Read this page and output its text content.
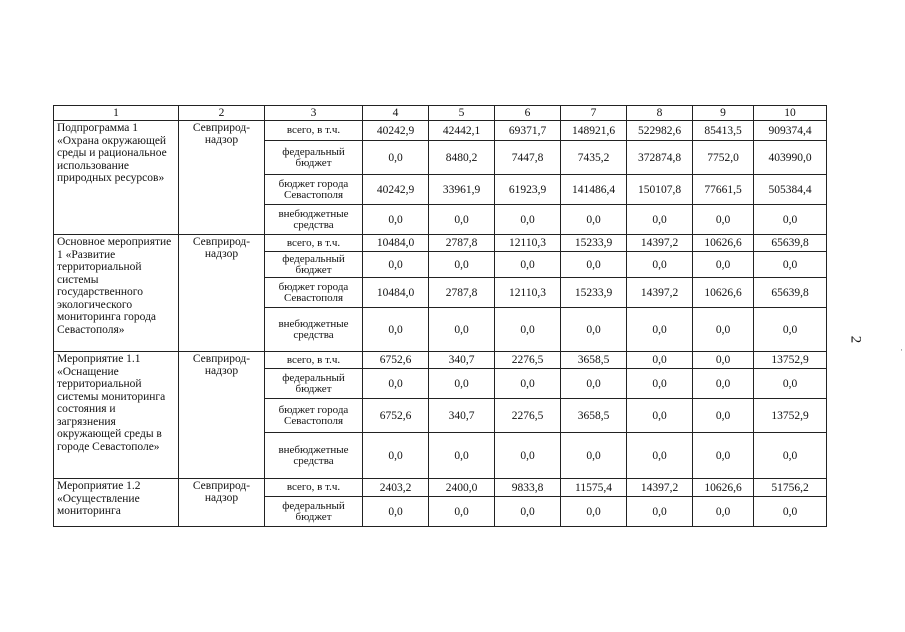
1	2	3	4	5	6	7	8	9	10
Подпрограмма 1 «Охрана окружающей среды и рациональное использование природных ресурсов»	Севприрод-надзор	всего, в т.ч.	40242,9	42442,1	69371,7	148921,6	522982,6	85413,5	909374,4
		федеральный бюджет	0,0	8480,2	7447,8	7435,2	372874,8	7752,0	403990,0
		бюджет города Севастополя	40242,9	33961,9	61923,9	141486,4	150107,8	77661,5	505384,4
		внебюджетные средства	0,0	0,0	0,0	0,0	0,0	0,0	0,0
Основное мероприятие 1 «Развитие территориальной системы государственного экологического мониторинга города Севастополя»	Севприрод-надзор	всего, в т.ч.	10484,0	2787,8	12110,3	15233,9	14397,2	10626,6	65639,8
		федеральный бюджет	0,0	0,0	0,0	0,0	0,0	0,0	0,0
		бюджет города Севастополя	10484,0	2787,8	12110,3	15233,9	14397,2	10626,6	65639,8
		внебюджетные средства	0,0	0,0	0,0	0,0	0,0	0,0	0,0
Мероприятие 1.1 «Оснащение территориальной системы мониторинга состояния и загрязнения окружающей среды в городе Севастополе»	Севприрод-надзор	всего, в т.ч.	6752,6	340,7	2276,5	3658,5	0,0	0,0	13752,9
		федеральный бюджет	0,0	0,0	0,0	0,0	0,0	0,0	0,0
		бюджет города Севастополя	6752,6	340,7	2276,5	3658,5	0,0	0,0	13752,9
		внебюджетные средства	0,0	0,0	0,0	0,0	0,0	0,0	0,0
Мероприятие 1.2 «Осуществление мониторинга	Севприрод-надзор	всего, в т.ч.	2403,2	2400,0	9833,8	11575,4	14397,2	10626,6	51756,2
		федеральный бюджет	0,0	0,0	0,0	0,0	0,0	0,0	0,0
2
·
